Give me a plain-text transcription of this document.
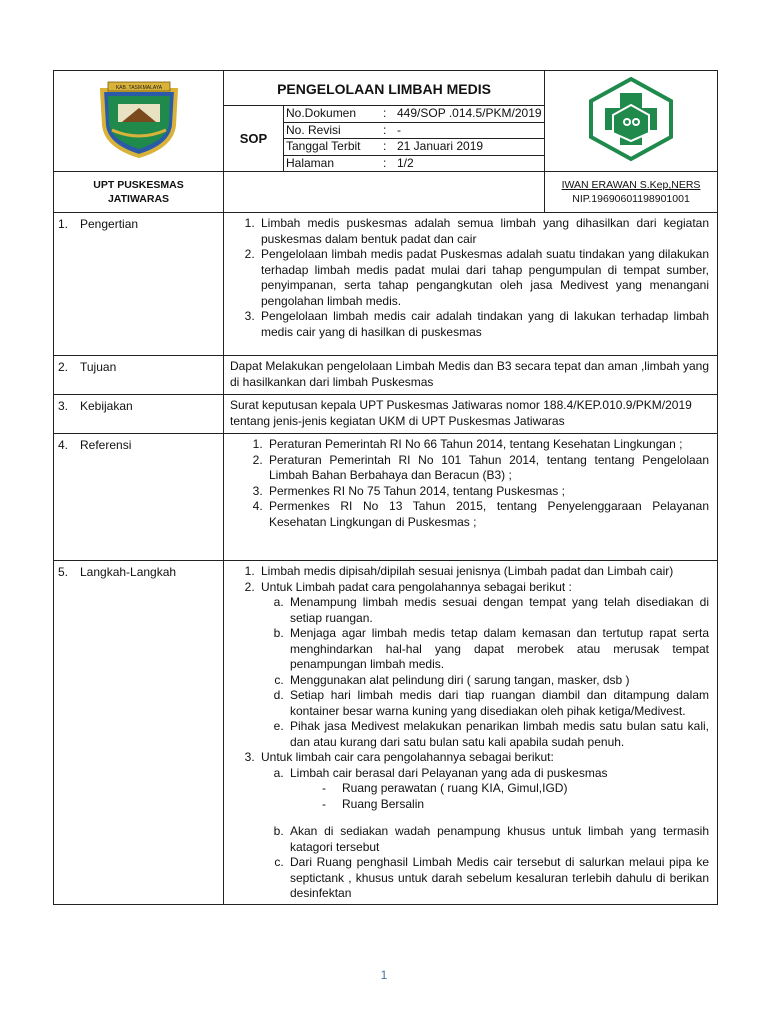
KAB. TASIKMALAYA	PENGELOLAAN LIMBAH MEDIS	
SOP	
No.Dokumen	:	449/SOP .014.5/PKM/2019
No. Revisi	:	-
Tanggal Terbit	:	21 Januari 2019
Halaman	:	1/2

UPT PUSKESMAS
JATIWARAS

IWAN ERAWAN S.Kep,NERS
NIP.19690601198901001

1. Pengertian	
1.Limbah medis puskesmas adalah semua limbah yang dihasilkan dari kegiatan puskesmas dalam bentuk padat dan cair
2. Pengelolaan limbah medis padat Puskesmas adalah suatu tindakan yang dilakukan terhadap limbah medis padat mulai dari tahap pengumpulan di tempat sumber, penyimpanan, serta tahap pengangkutan oleh jasa Medivest yang menangani pengolahan limbah medis.
3. Pengelolaan limbah medis cair adalah tindakan yang di lakukan terhadap limbah medis cair yang di hasilkan di puskesmas

2. Tujuan	Dapat Melakukan pengelolaan Limbah Medis dan B3 secara tepat dan aman ,limbah yang di hasilkankan dari limbah Puskesmas
3. Kebijakan	Surat keputusan kepala UPT Puskesmas Jatiwaras nomor 188.4/KEP.010.9/PKM/2019 tentang jenis-jenis kegiatan UKM di UPT Puskesmas Jatiwaras
4. Referensi	
1.Peraturan Pemerintah RI No 66 Tahun 2014, tentang Kesehatan Lingkungan ;
2. Peraturan Pemerintah RI No 101 Tahun 2014, tentang tentang Pengelolaan Limbah Bahan Berbahaya dan Beracun (B3) ;
3. Permenkes RI No 75 Tahun 2014, tentang Puskesmas ;
4. Permenkes RI No 13 Tahun 2015, tentang Penyelenggaraan Pelayanan Kesehatan Lingkungan di Puskesmas ;

5. Langkah-Langkah	
1.Limbah medis dipisah/dipilah sesuai jenisnya (Limbah padat dan Limbah cair)
2. Untuk Limbah padat cara pengolahannya sebagai berikut :
a. Menampung limbah medis sesuai dengan tempat yang telah disediakan di setiap ruangan.
b. Menjaga agar limbah medis tetap dalam kemasan dan tertutup rapat serta menghindarkan hal-hal yang dapat merobek atau merusak tempat penampungan limbah medis.
c. Menggunakan alat pelindung diri ( sarung tangan, masker, dsb )
d. Setiap hari limbah medis dari tiap ruangan diambil dan ditampung dalam kontainer besar warna kuning yang disediakan oleh pihak ketiga/Medivest.
e. Pihak jasa Medivest melakukan penarikan limbah medis satu bulan satu kali, dan atau kurang dari satu bulan satu kali apabila sudah penuh.
3. Untuk limbah cair cara pengolahannya sebagai berikut:
a. Limbah cair berasal dari Pelayanan yang ada di puskesmas
- Ruang perawatan ( ruang KIA, Gimul,IGD)
- Ruang Bersalin
b. Akan di sediakan wadah penampung khusus untuk limbah yang termasih katagori tersebut
c. Dari Ruang penghasil Limbah Medis cair tersebut di salurkan melaui pipa ke septictank , khusus untuk darah sebelum kesaluran terlebih dahulu di berikan desinfektan
1
